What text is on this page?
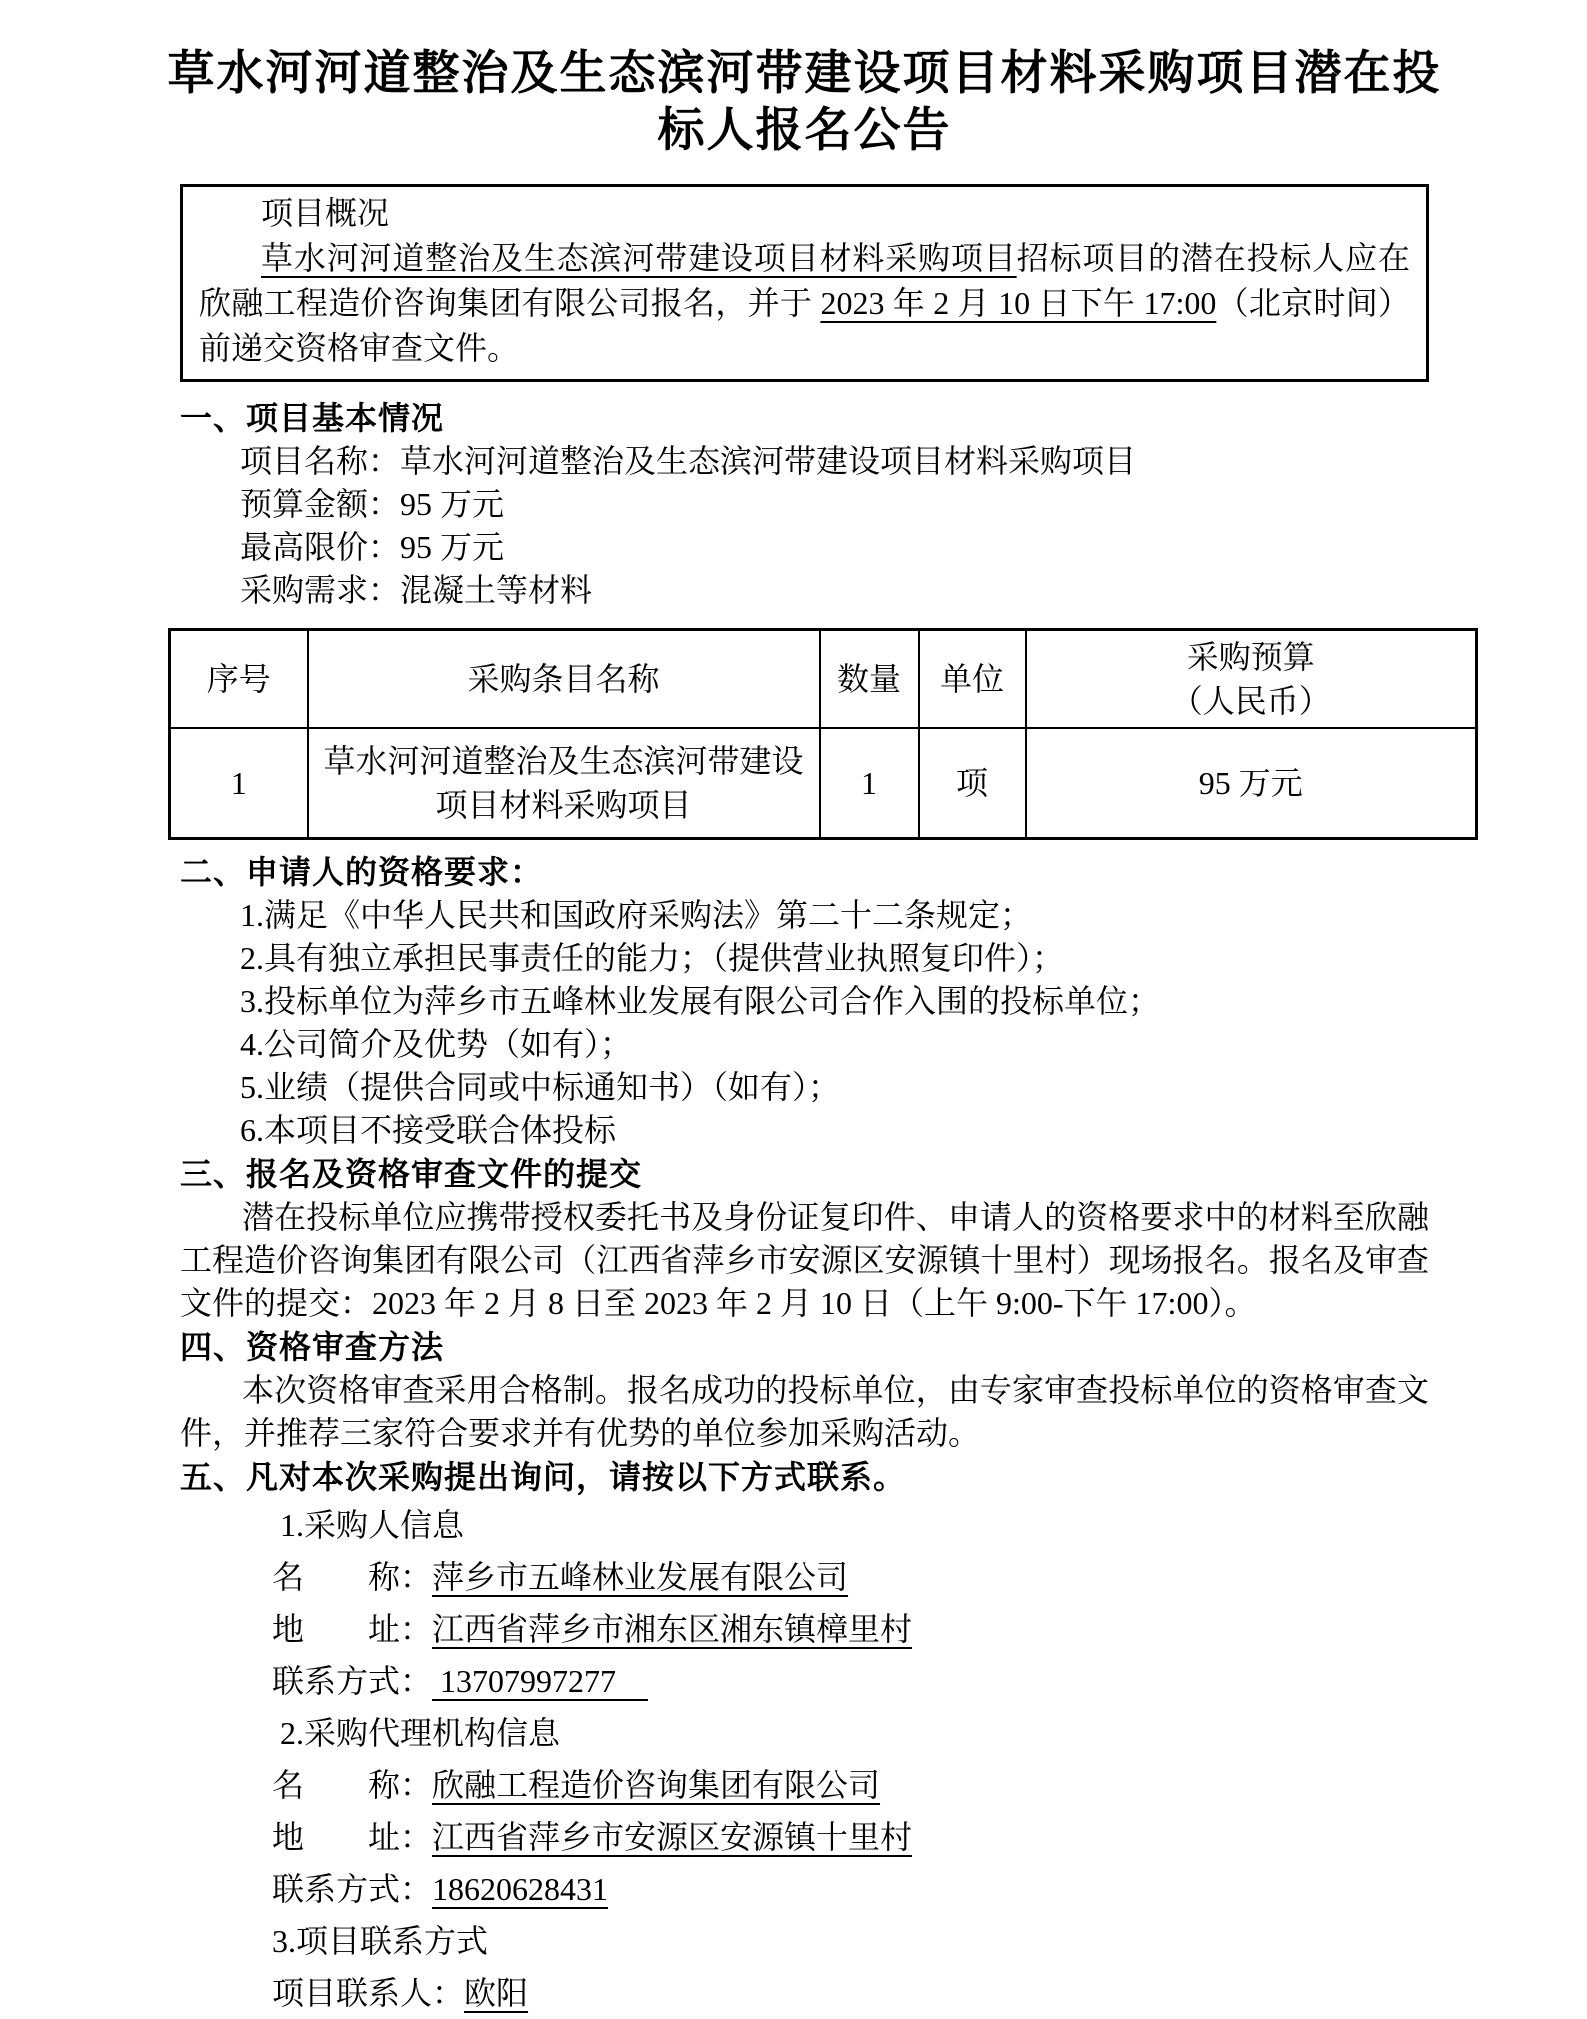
草水河河道整治及生态滨河带建设项目材料采购项目潜在投标人报名公告

项目概况

草水河河道整治及生态滨河带建设项目材料采购项目招标项目的潜在投标人应在欣融工程造价咨询集团有限公司报名，并于 2023 年 2 月 10 日下午 17:00（北京时间）前递交资格审查文件。

一、项目基本情况

项目名称：草水河河道整治及生态滨河带建设项目材料采购项目

预算金额：95 万元

最高限价：95 万元

采购需求：混凝土等材料

序号	采购条目名称	数量	单位	采购预算
（人民币）

1	草水河河道整治及生态滨河带建设项目材料采购项目	1	项	95 万元

二、申请人的资格要求：

1.满足《中华人民共和国政府采购法》第二十二条规定；

2.具有独立承担民事责任的能力；（提供营业执照复印件）；

3.投标单位为萍乡市五峰林业发展有限公司合作入围的投标单位；

4.公司简介及优势（如有）；

5.业绩（提供合同或中标通知书）（如有）；

6.本项目不接受联合体投标

三、报名及资格审查文件的提交

潜在投标单位应携带授权委托书及身份证复印件、申请人的资格要求中的材料至欣融工程造价咨询集团有限公司（江西省萍乡市安源区安源镇十里村）现场报名。报名及审查文件的提交：2023 年 2 月 8 日至 2023 年 2 月 10 日（上午 9:00-下午 17:00）。

四、资格审查方法

本次资格审查采用合格制。报名成功的投标单位，由专家审查投标单位的资格审查文件，并推荐三家符合要求并有优势的单位参加采购活动。

五、凡对本次采购提出询问，请按以下方式联系。

1.采购人信息

名　　称：萍乡市五峰林业发展有限公司

地　　址：江西省萍乡市湘东区湘东镇樟里村

联系方式： 13707997277

2.采购代理机构信息

名　　称：欣融工程造价咨询集团有限公司

地　　址：江西省萍乡市安源区安源镇十里村

联系方式：18620628431

3.项目联系方式

项目联系人：欧阳
